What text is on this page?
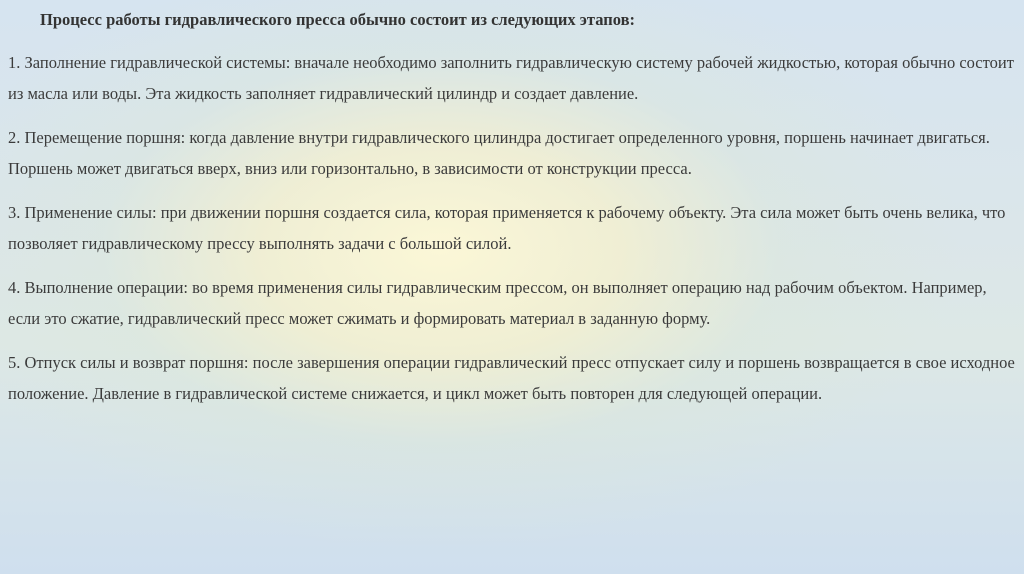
Процесс работы гидравлического пресса обычно состоит из следующих этапов:

1. Заполнение гидравлической системы: вначале необходимо заполнить гидравлическую систему рабочей жидкостью, которая обычно состоит из масла или воды. Эта жидкость заполняет гидравлический цилиндр и создает давление.

2. Перемещение поршня: когда давление внутри гидравлического цилиндра достигает определенного уровня, поршень начинает двигаться. Поршень может двигаться вверх, вниз или горизонтально, в зависимости от конструкции пресса.

3. Применение силы: при движении поршня создается сила, которая применяется к рабочему объекту. Эта сила может быть очень велика, что позволяет гидравлическому прессу выполнять задачи с большой силой.

4. Выполнение операции: во время применения силы гидравлическим прессом, он выполняет операцию над рабочим объектом. Например, если это сжатие, гидравлический пресс может сжимать и формировать материал в заданную форму.

5. Отпуск силы и возврат поршня: после завершения операции гидравлический пресс отпускает силу и поршень возвращается в свое исходное положение. Давление в гидравлической системе снижается, и цикл может быть повторен для следующей операции.
